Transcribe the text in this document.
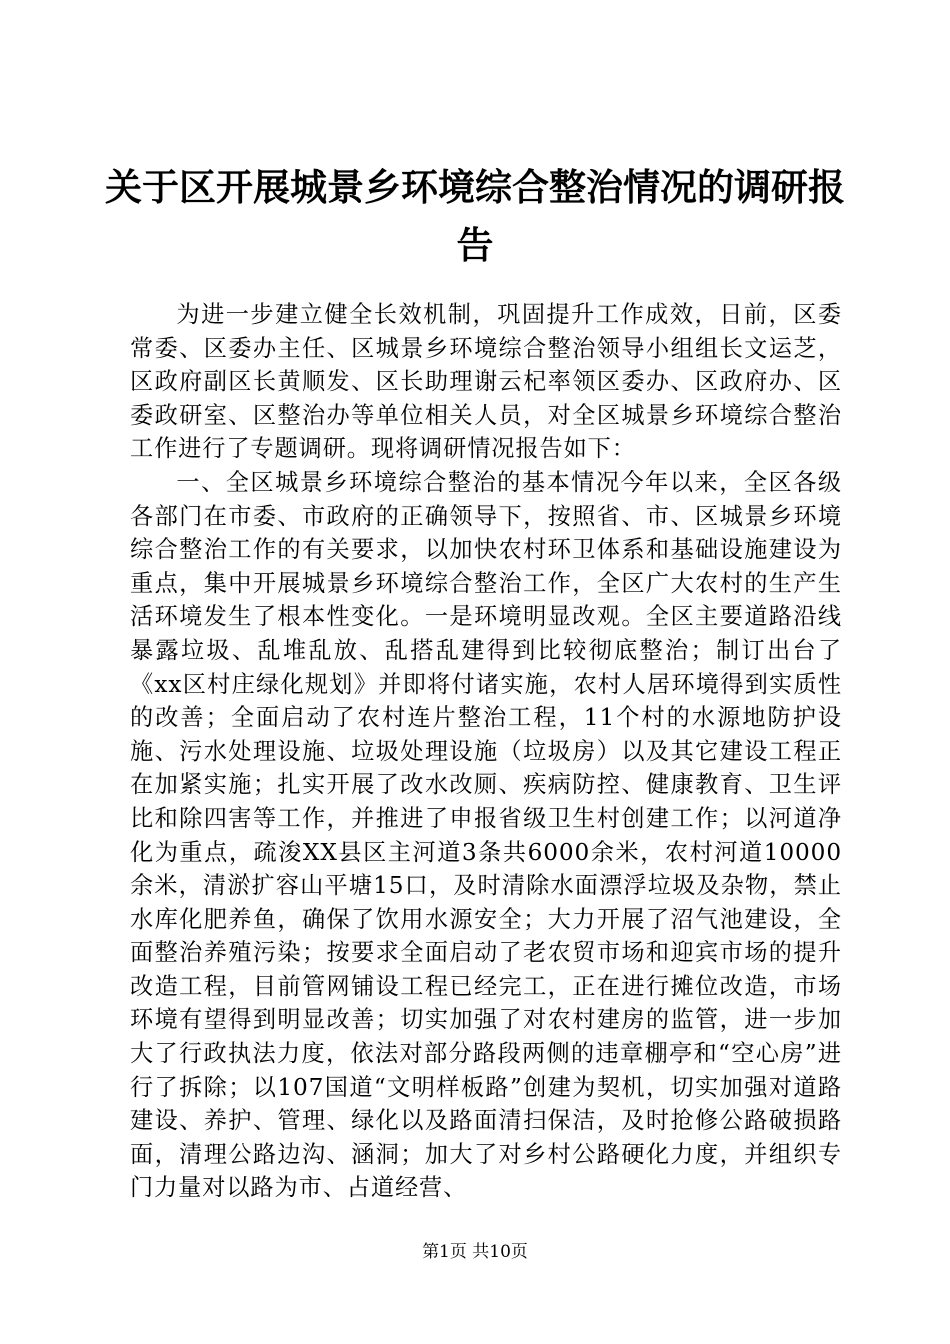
关于区开展城景乡环境综合整治情况的调研报告

为进一步建立健全长效机制，巩固提升工作成效，日前，区委常委、区委办主任、区城景乡环境综合整治领导小组组长文运芝，区政府副区长黄顺发、区长助理谢云杞率领区委办、区政府办、区委政研室、区整治办等单位相关人员，对全区城景乡环境综合整治工作进行了专题调研。现将调研情况报告如下：

一、全区城景乡环境综合整治的基本情况今年以来，全区各级各部门在市委、市政府的正确领导下，按照省、市、区城景乡环境综合整治工作的有关要求，以加快农村环卫体系和基础设施建设为重点，集中开展城景乡环境综合整治工作，全区广大农村的生产生活环境发生了根本性变化。一是环境明显改观。全区主要道路沿线暴露垃圾、乱堆乱放、乱搭乱建得到比较彻底整治；制订出台了《xx区村庄绿化规划》并即将付诸实施，农村人居环境得到实质性的改善；全面启动了农村连片整治工程，11个村的水源地防护设施、污水处理设施、垃圾处理设施（垃圾房）以及其它建设工程正在加紧实施；扎实开展了改水改厕、疾病防控、健康教育、卫生评比和除四害等工作，并推进了申报省级卫生村创建工作；以河道净化为重点，疏浚XX县区主河道3条共6000余米，农村河道10000余米，清淤扩容山平塘15口，及时清除水面漂浮垃圾及杂物，禁止水库化肥养鱼，确保了饮用水源安全；大力开展了沼气池建设，全面整治养殖污染；按要求全面启动了老农贸市场和迎宾市场的提升改造工程，目前管网铺设工程已经完工，正在进行摊位改造，市场环境有望得到明显改善；切实加强了对农村建房的监管，进一步加大了行政执法力度，依法对部分路段两侧的违章棚亭和“空心房”进行了拆除；以107国道“文明样板路”创建为契机，切实加强对道路建设、养护、管理、绿化以及路面清扫保洁，及时抢修公路破损路面，清理公路边沟、涵洞；加大了对乡村公路硬化力度，并组织专门力量对以路为市、占道经营、

第1页 共10页
